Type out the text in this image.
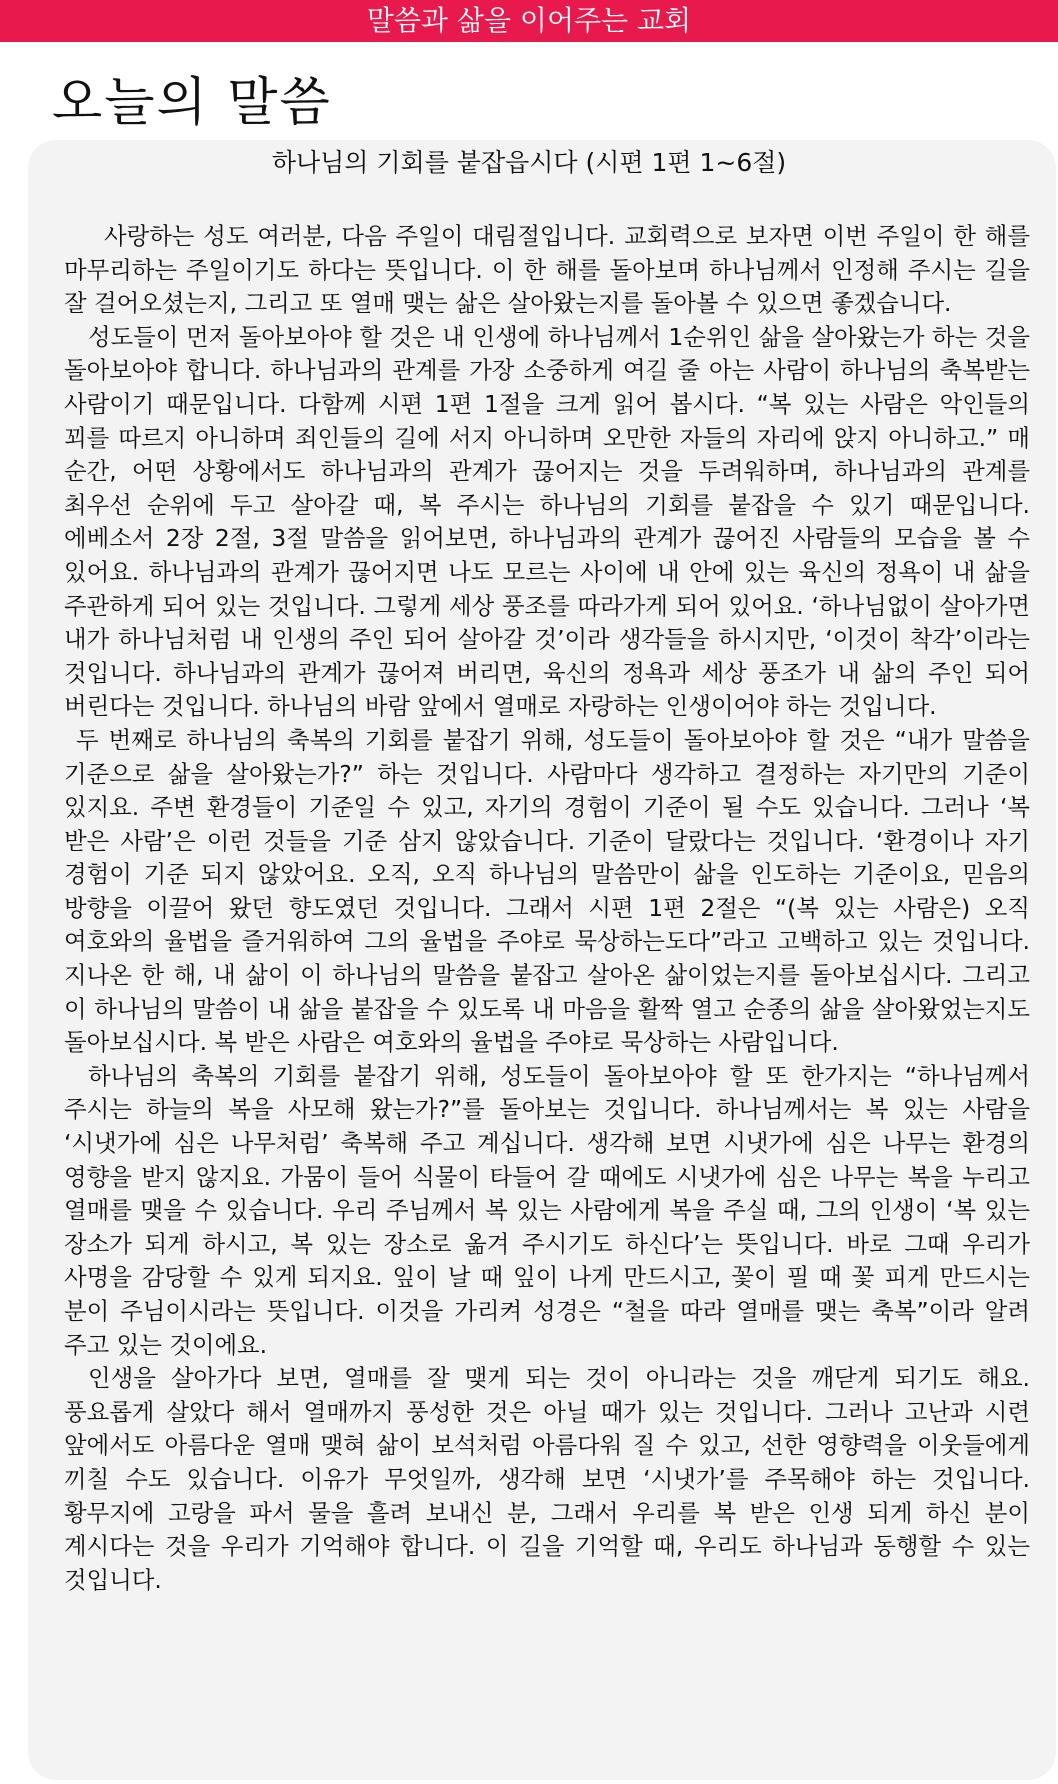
말씀과 삶을 이어주는 교회
오늘의 말씀
하나님의 기회를 붙잡읍시다 (시편 1편 1~6절)

사랑하는 성도 여러분, 다음 주일이 대림절입니다. 교회력으로 보자면 이번 주일이 한 해를 마무리하는 주일이기도 하다는 뜻입니다. 이 한 해를 돌아보며 하나님께서 인정해 주시는 길을 잘 걸어오셨는지, 그리고 또 열매 맺는 삶은 살아왔는지를 돌아볼 수 있으면 좋겠습니다.

성도들이 먼저 돌아보아야 할 것은 내 인생에 하나님께서 1순위인 삶을 살아왔는가 하는 것을 돌아보아야 합니다. 하나님과의 관계를 가장 소중하게 여길 줄 아는 사람이 하나님의 축복받는 사람이기 때문입니다. 다함께 시편 1편 1절을 크게 읽어 봅시다. “복 있는 사람은 악인들의 꾀를 따르지 아니하며 죄인들의 길에 서지 아니하며 오만한 자들의 자리에 앉지 아니하고.” 매 순간, 어떤 상황에서도 하나님과의 관계가 끊어지는 것을 두려워하며, 하나님과의 관계를 최우선 순위에 두고 살아갈 때, 복 주시는 하나님의 기회를 붙잡을 수 있기 때문입니다. 에베소서 2장 2절, 3절 말씀을 읽어보면, 하나님과의 관계가 끊어진 사람들의 모습을 볼 수 있어요. 하나님과의 관계가 끊어지면 나도 모르는 사이에 내 안에 있는 육신의 정욕이 내 삶을 주관하게 되어 있는 것입니다. 그렇게 세상 풍조를 따라가게 되어 있어요. ‘하나님없이 살아가면 내가 하나님처럼 내 인생의 주인 되어 살아갈 것’이라 생각들을 하시지만, ‘이것이 착각’이라는 것입니다. 하나님과의 관계가 끊어져 버리면, 육신의 정욕과 세상 풍조가 내 삶의 주인 되어 버린다는 것입니다. 하나님의 바람 앞에서 열매로 자랑하는 인생이어야 하는 것입니다.

두 번째로 하나님의 축복의 기회를 붙잡기 위해, 성도들이 돌아보아야 할 것은 “내가 말씀을 기준으로 삶을 살아왔는가?” 하는 것입니다. 사람마다 생각하고 결정하는 자기만의 기준이 있지요. 주변 환경들이 기준일 수 있고, 자기의 경험이 기준이 될 수도 있습니다. 그러나 ‘복 받은 사람’은 이런 것들을 기준 삼지 않았습니다. 기준이 달랐다는 것입니다. ‘환경이나 자기 경험이 기준 되지 않았어요. 오직, 오직 하나님의 말씀만이 삶을 인도하는 기준이요, 믿음의 방향을 이끌어 왔던 향도였던 것입니다. 그래서 시편 1편 2절은 “(복 있는 사람은) 오직 여호와의 율법을 즐거워하여 그의 율법을 주야로 묵상하는도다”라고 고백하고 있는 것입니다. 지나온 한 해, 내 삶이 이 하나님의 말씀을 붙잡고 살아온 삶이었는지를 돌아보십시다. 그리고 이 하나님의 말씀이 내 삶을 붙잡을 수 있도록 내 마음을 활짝 열고 순종의 삶을 살아왔었는지도 돌아보십시다. 복 받은 사람은 여호와의 율법을 주야로 묵상하는 사람입니다.

하나님의 축복의 기회를 붙잡기 위해, 성도들이 돌아보아야 할 또 한가지는 “하나님께서 주시는 하늘의 복을 사모해 왔는가?”를 돌아보는 것입니다. 하나님께서는 복 있는 사람을 ‘시냇가에 심은 나무처럼’ 축복해 주고 계십니다. 생각해 보면 시냇가에 심은 나무는 환경의 영향을 받지 않지요. 가뭄이 들어 식물이 타들어 갈 때에도 시냇가에 심은 나무는 복을 누리고 열매를 맺을 수 있습니다. 우리 주님께서 복 있는 사람에게 복을 주실 때, 그의 인생이 ‘복 있는 장소가 되게 하시고, 복 있는 장소로 옮겨 주시기도 하신다’는 뜻입니다. 바로 그때 우리가 사명을 감당할 수 있게 되지요. 잎이 날 때 잎이 나게 만드시고, 꽃이 필 때 꽃 피게 만드시는 분이 주님이시라는 뜻입니다. 이것을 가리켜 성경은 “철을 따라 열매를 맺는 축복”이라 알려 주고 있는 것이에요.

인생을 살아가다 보면, 열매를 잘 맺게 되는 것이 아니라는 것을 깨닫게 되기도 해요. 풍요롭게 살았다 해서 열매까지 풍성한 것은 아닐 때가 있는 것입니다. 그러나 고난과 시련 앞에서도 아름다운 열매 맺혀 삶이 보석처럼 아름다워 질 수 있고, 선한 영향력을 이웃들에게 끼칠 수도 있습니다. 이유가 무엇일까, 생각해 보면 ‘시냇가’를 주목해야 하는 것입니다. 황무지에 고랑을 파서 물을 흘려 보내신 분, 그래서 우리를 복 받은 인생 되게 하신 분이 계시다는 것을 우리가 기억해야 합니다. 이 길을 기억할 때, 우리도 하나님과 동행할 수 있는 것입니다.
